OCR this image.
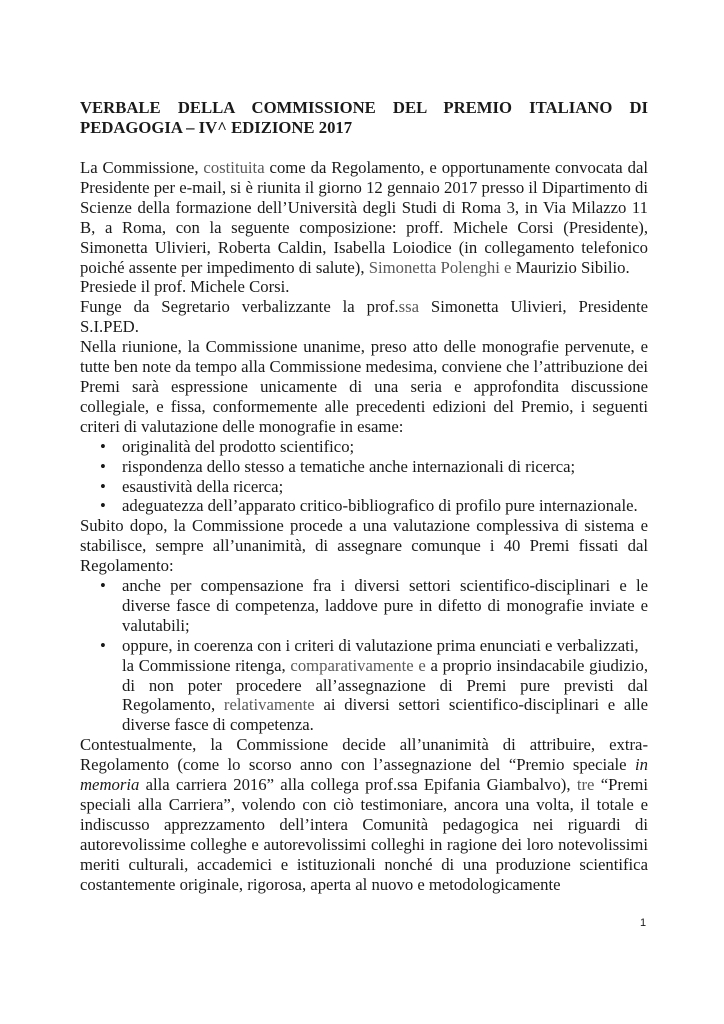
VERBALE DELLA COMMISSIONE DEL PREMIO ITALIANO DI PEDAGOGIA – IV^ EDIZIONE 2017

La Commissione, costituita come da Regolamento, e opportunamente convocata dal Presidente per e-mail, si è riunita il giorno 12 gennaio 2017 presso il Dipartimento di Scienze della formazione dell’Università degli Studi di Roma 3, in Via Milazzo 11 B, a Roma, con la seguente composizione: proff. Michele Corsi (Presidente), Simonetta Ulivieri, Roberta Caldin, Isabella Loiodice (in collegamento telefonico poiché assente per impedimento di salute), Simonetta Polenghi e Maurizio Sibilio.

Presiede il prof. Michele Corsi.

Funge da Segretario verbalizzante la prof.ssa Simonetta Ulivieri, Presidente S.I.PED.

Nella riunione, la Commissione unanime, preso atto delle monografie pervenute, e tutte ben note da tempo alla Commissione medesima, conviene che l’attribuzione dei Premi sarà espressione unicamente di una seria e approfondita discussione collegiale, e fissa, conformemente alle precedenti edizioni del Premio, i seguenti criteri di valutazione delle monografie in esame:

• originalità del prodotto scientifico;
• rispondenza dello stesso a tematiche anche internazionali di ricerca;
• esaustività della ricerca;
• adeguatezza dell’apparato critico-bibliografico di profilo pure internazionale.

Subito dopo, la Commissione procede a una valutazione complessiva di sistema e stabilisce, sempre all’unanimità, di assegnare comunque i 40 Premi fissati dal Regolamento:

• anche per compensazione fra i diversi settori scientifico-disciplinari e le diverse fasce di competenza, laddove pure in difetto di monografie inviate e valutabili;
• oppure, in coerenza con i criteri di valutazione prima enunciati e verbalizzati,
la Commissione ritenga, comparativamente e a proprio insindacabile giudizio, di non poter procedere all’assegnazione di Premi pure previsti dal Regolamento, relativamente ai diversi settori scientifico-disciplinari e alle diverse fasce di competenza.

Contestualmente, la Commissione decide all’unanimità di attribuire, extra-Regolamento (come lo scorso anno con l’assegnazione del “Premio speciale in memoria alla carriera 2016” alla collega prof.ssa Epifania Giambalvo), tre “Premi speciali alla Carriera”, volendo con ciò testimoniare, ancora una volta, il totale e indiscusso apprezzamento dell’intera Comunità pedagogica nei riguardi di autorevolissime colleghe e autorevolissimi colleghi in ragione dei loro notevolissimi meriti culturali, accademici e istituzionali nonché di una produzione scientifica costantemente originale, rigorosa, aperta al nuovo e metodologicamente

1
